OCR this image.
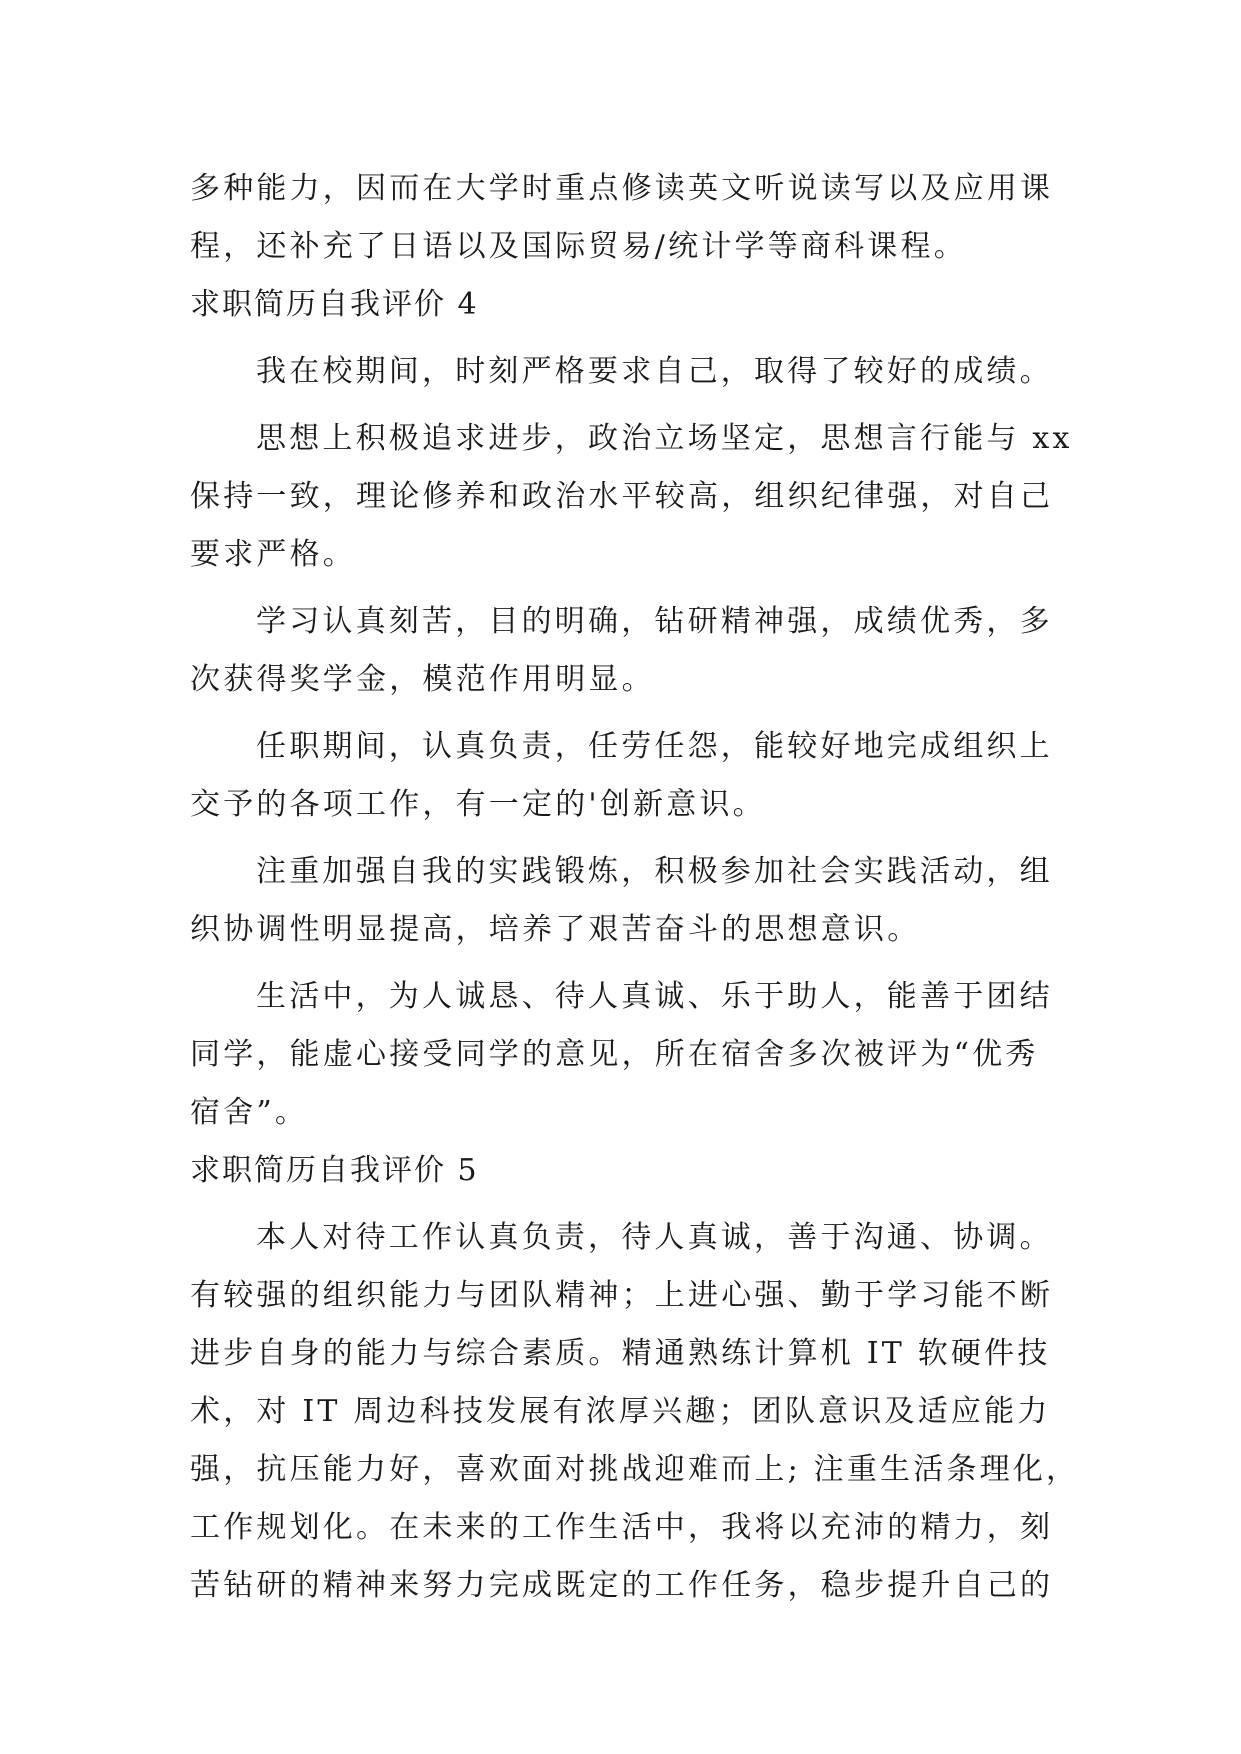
多种能力，因而在大学时重点修读英文听说读写以及应用课
程，还补充了日语以及国际贸易/统计学等商科课程。
求职简历自我评价 4
我在校期间，时刻严格要求自己，取得了较好的成绩。
思想上积极追求进步，政治立场坚定，思想言行能与 xx
保持一致，理论修养和政治水平较高，组织纪律强，对自己
要求严格。
学习认真刻苦，目的明确，钻研精神强，成绩优秀，多
次获得奖学金，模范作用明显。
任职期间，认真负责，任劳任怨，能较好地完成组织上
交予的各项工作，有一定的'创新意识。
注重加强自我的实践锻炼，积极参加社会实践活动，组
织协调性明显提高，培养了艰苦奋斗的思想意识。
生活中，为人诚恳、待人真诚、乐于助人，能善于团结
同学，能虚心接受同学的意见，所在宿舍多次被评为“优秀
宿舍”。
求职简历自我评价 5
本人对待工作认真负责，待人真诚，善于沟通、协调。
有较强的组织能力与团队精神；上进心强、勤于学习能不断
进步自身的能力与综合素质。精通熟练计算机 IT 软硬件技
术，对 IT 周边科技发展有浓厚兴趣；团队意识及适应能力
强，抗压能力好，喜欢面对挑战迎难而上; 注重生活条理化，
工作规划化。在未来的工作生活中，我将以充沛的精力，刻
苦钻研的精神来努力完成既定的工作任务，稳步提升自己的
